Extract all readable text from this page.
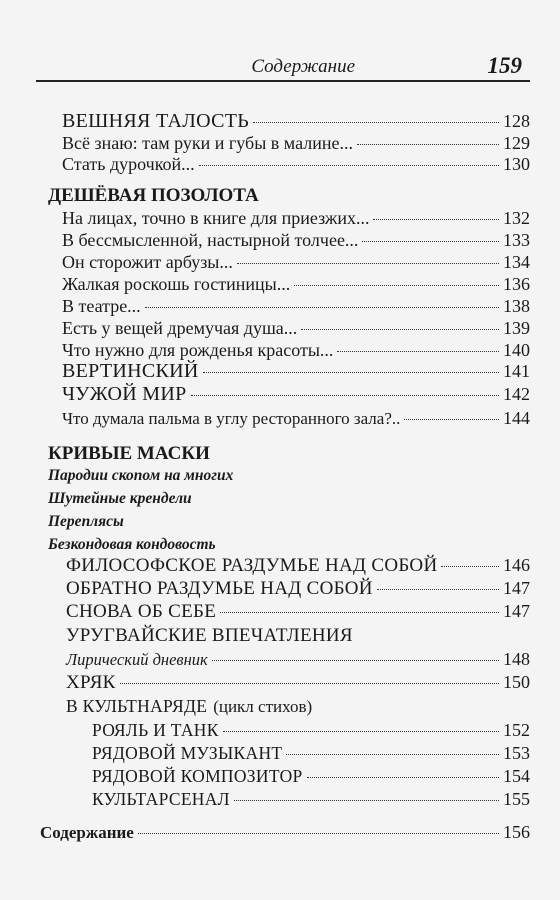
Содержание	159
ВЕШНЯЯ ТАЛОСТЬ	128
Всё знаю: там руки и губы в малине...	129
Стать дурочкой...	130
ДЕШЁВАЯ ПОЗОЛОТА
На лицах, точно в книге для приезжих...	132
В бессмысленной, настырной толчее...	133
Он сторожит арбузы...	134
Жалкая роскошь гостиницы...	136
В театре...	138
Есть у вещей дремучая душа...	139
Что нужно для рожденья красоты...	140
ВЕРТИНСКИЙ	141
ЧУЖОЙ МИР	142
Что думала пальма в углу ресторанного зала?..	144
КРИВЫЕ МАСКИ
Пародии скопом на многих
Шутейные крендели
Переплясы
Безкондовая кондовость
ФИЛОСОФСКОЕ РАЗДУМЬЕ НАД СОБОЙ	146
ОБРАТНО РАЗДУМЬЕ НАД СОБОЙ	147
СНОВА ОБ СЕБЕ	147
УРУГВАЙСКИЕ ВПЕЧАТЛЕНИЯ
Лирический дневник	148
ХРЯК	150
В КУЛЬТНАРЯДЕ (цикл стихов)
РОЯЛЬ И ТАНК	152
РЯДОВОЙ МУЗЫКАНТ	153
РЯДОВОЙ КОМПОЗИТОР	154
КУЛЬТАРСЕНАЛ	155
Содержание	156
